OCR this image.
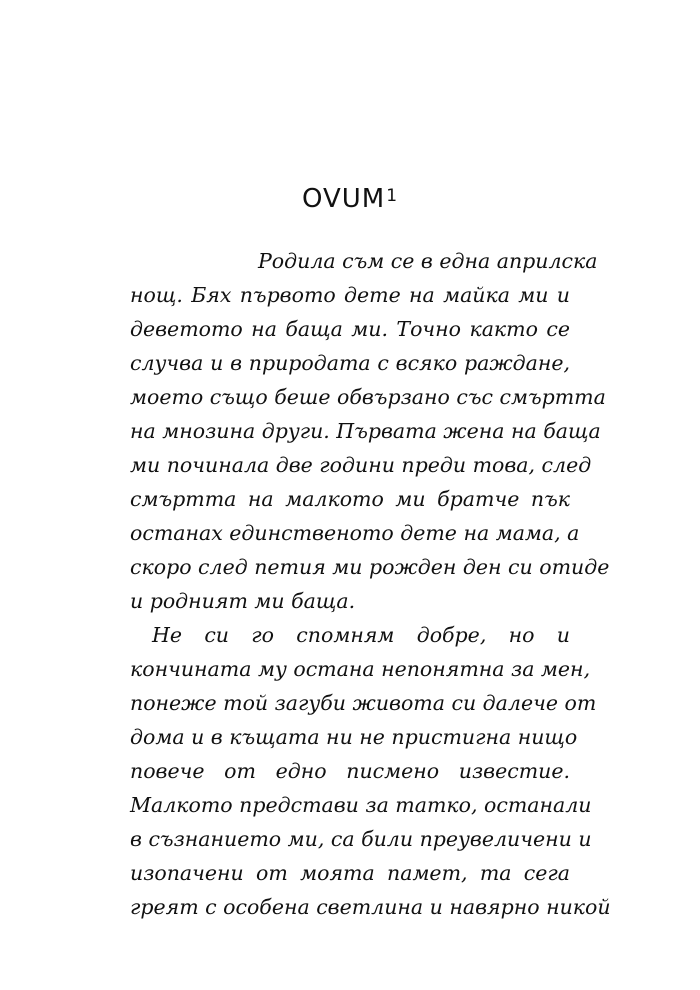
OVUM$^1$
Родила съм се в една априлска
нощ. Бях първото дете на майка ми и
деветото на баща ми. Точно както се
случва и в природата с всяко раждане,
моето също беше обвързано със смъртта
на мнозина други. Първата жена на баща
ми починала две години преди това, след
смъртта на малкото ми братче пък
останах единственото дете на мама, а
скоро след петия ми рожден ден си отиде
и родният ми баща.
Не си го спомням добре, но и
кончината му остана непонятна за мен,
понеже той загуби живота си далече от
дома и в къщата ни не пристигна нищо
повече от едно писмено известие.
Малкото представи за татко, останали
в съзнанието ми, са били преувеличени и
изопачени от моята памет, та сега
греят с особена светлина и навярно никой
